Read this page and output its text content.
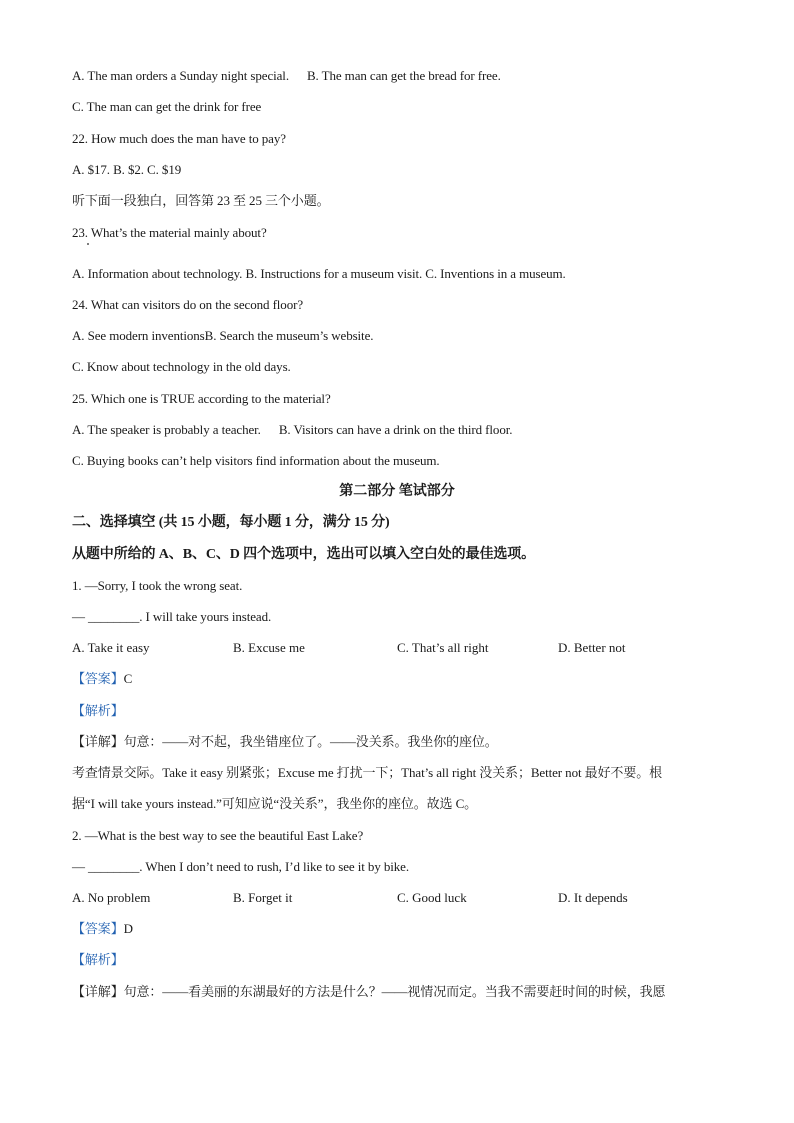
A. The man orders a Sunday night special. B. The man can get the bread for free.
C. The man can get the drink for free
22. How much does the man have to pay?
A. $17. B. $2. C. $19
听下面一段独白，回答第 23 至 25 三个小题。
23. What’s the material mainly about?
A. Information about technology. B. Instructions for a museum visit. C. Inventions in a museum.
24. What can visitors do on the second floor?
A. See modern inventionsB. Search the museum’s website.
C. Know about technology in the old days.
25. Which one is TRUE according to the material?
A. The speaker is probably a teacher. B. Visitors can have a drink on the third floor.
C. Buying books can’t help visitors find information about the museum.
第二部分 笔试部分
二、选择填空 (共 15 小题，每小题 1 分，满分 15 分)
从题中所给的 A、B、C、D 四个选项中，选出可以填入空白处的最佳选项。
1. —Sorry, I took the wrong seat.
— ________. I will take yours instead.
A. Take it easy	B. Excuse me	C. That’s all right	D. Better not
【答案】C
【解析】
【详解】句意：——对不起，我坐错座位了。——没关系。我坐你的座位。
考查情景交际。Take it easy 别紧张；Excuse me 打扰一下；That’s all right 没关系；Better not 最好不要。根
据“I will take yours instead.”可知应说“没关系”，我坐你的座位。故选 C。
2. —What is the best way to see the beautiful East Lake?
— ________. When I don’t need to rush, I’d like to see it by bike.
A. No problem	B. Forget it	C. Good luck	D. It depends
【答案】D
【解析】
【详解】句意：——看美丽的东湖最好的方法是什么？——视情况而定。当我不需要赶时间的时候，我愿
